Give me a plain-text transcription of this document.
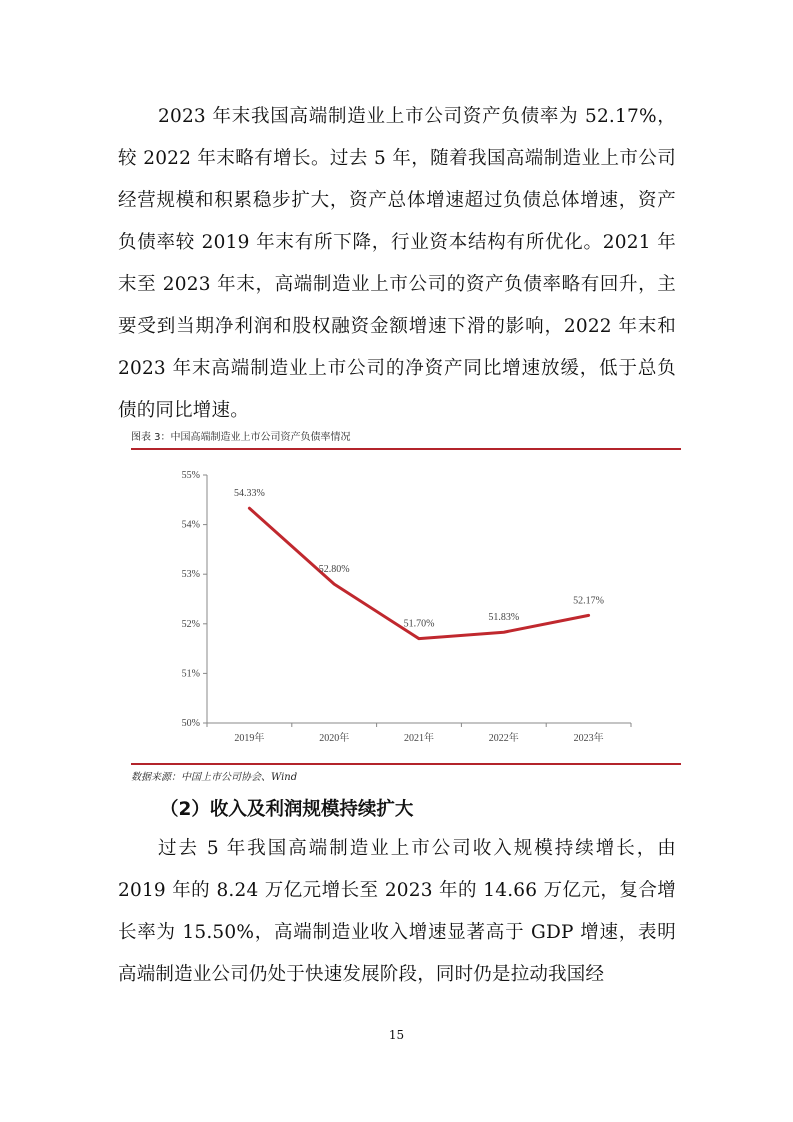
2023 年末我国高端制造业上市公司资产负债率为 52.17%，较 2022 年末略有增长。过去 5 年，随着我国高端制造业上市公司经营规模和积累稳步扩大，资产总体增速超过负债总体增速，资产负债率较 2019 年末有所下降，行业资本结构有所优化。2021 年末至 2023 年末，高端制造业上市公司的资产负债率略有回升，主要受到当期净利润和股权融资金额增速下滑的影响，2022 年末和 2023 年末高端制造业上市公司的净资产同比增速放缓，低于总负债的同比增速。

图表 3：中国高端制造业上市公司资产负债率情况
50%
51%
52%
53%
54%
55%
2019年	2020年	2021年	2022年	2023年
54.33%
52.80%
51.70%
51.83%
52.17%
数据来源：中国上市公司协会、Wind
（2）收入及利润规模持续扩大

过去 5 年我国高端制造业上市公司收入规模持续增长，由 2019 年的 8.24 万亿元增长至 2023 年的 14.66 万亿元，复合增长率为 15.50%，高端制造业收入增速显著高于 GDP 增速，表明高端制造业公司仍处于快速发展阶段，同时仍是拉动我国经

15
